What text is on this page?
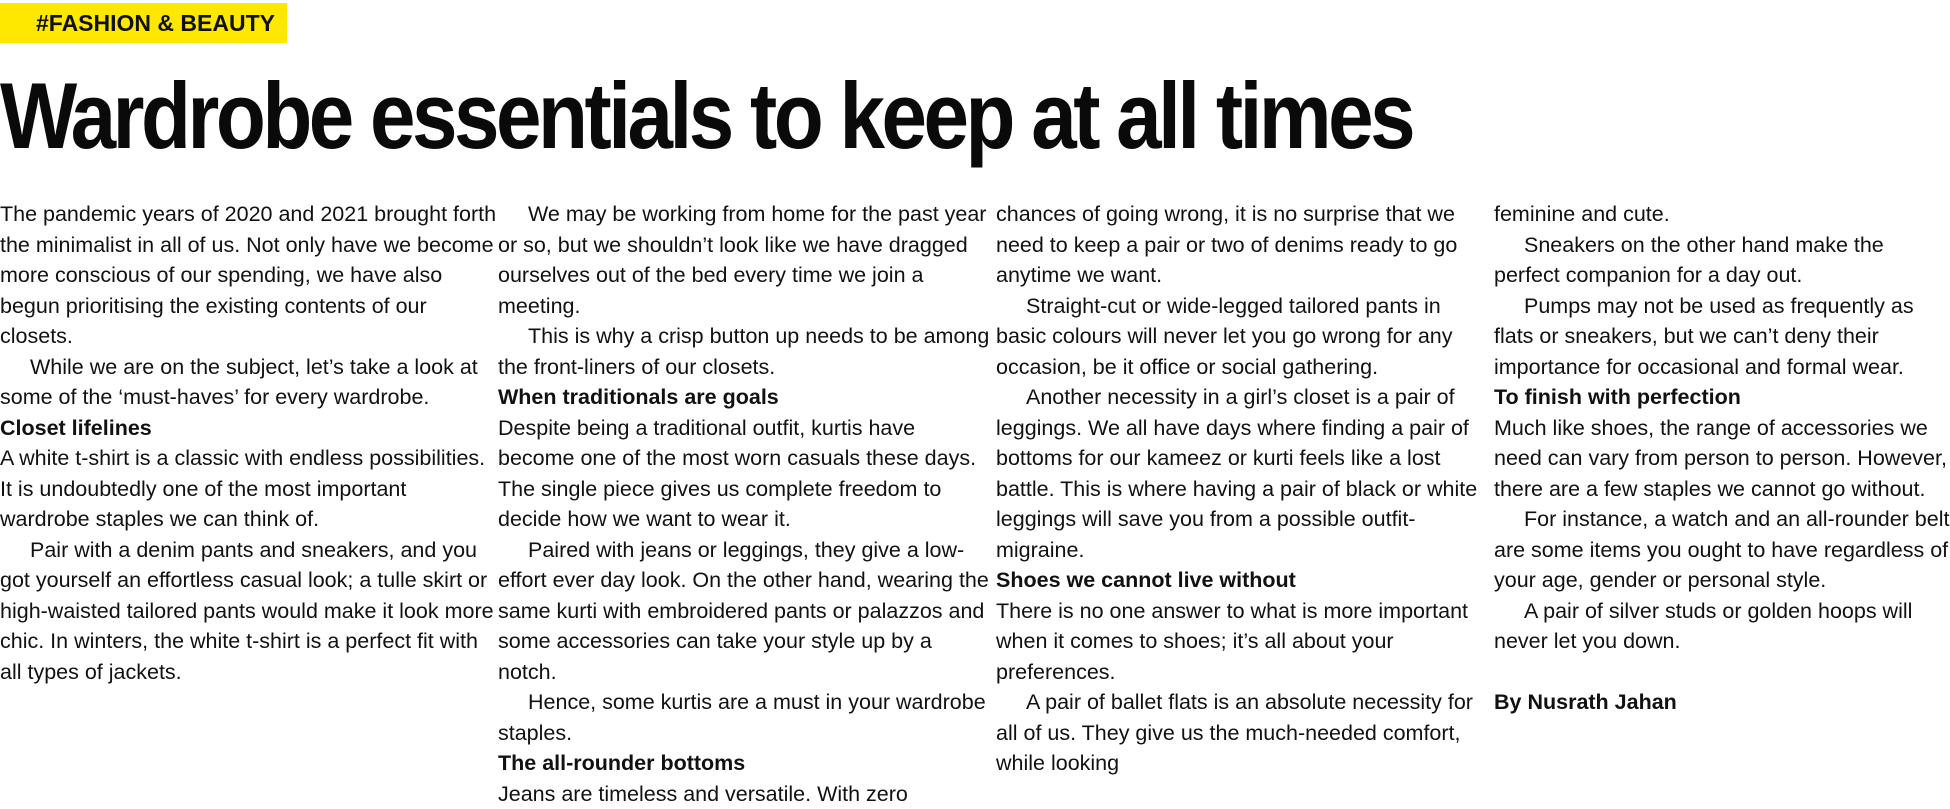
#FASHION & BEAUTY
Wardrobe essentials to keep at all times

The pandemic years of 2020 and 2021 brought forth the minimalist in all of us. Not only have we become more conscious of our spending, we have also begun prioritising the existing contents of our closets.

While we are on the subject, let’s take a look at some of the ‘must-haves’ for every wardrobe.

Closet lifelines

A white t-shirt is a classic with endless possibilities. It is undoubtedly one of the most important wardrobe staples we can think of.

Pair with a denim pants and sneakers, and you got yourself an effortless casual look; a tulle skirt or high-waisted tailored pants would make it look more chic. In winters, the white t-shirt is a perfect fit with all types of jackets.

We may be working from home for the past year or so, but we shouldn’t look like we have dragged ourselves out of the bed every time we join a meeting.

This is why a crisp button up needs to be among the front-liners of our closets.

When traditionals are goals

Despite being a traditional outfit, kurtis have become one of the most worn casuals these days. The single piece gives us complete freedom to decide how we want to wear it.

Paired with jeans or leggings, they give a low-effort ever day look. On the other hand, wearing the same kurti with embroidered pants or palazzos and some accessories can take your style up by a notch.

Hence, some kurtis are a must in your wardrobe staples.

The all-rounder bottoms

Jeans are timeless and versatile. With zero

chances of going wrong, it is no surprise that we need to keep a pair or two of denims ready to go anytime we want.

Straight-cut or wide-legged tailored pants in basic colours will never let you go wrong for any occasion, be it office or social gathering.

Another necessity in a girl’s closet is a pair of leggings. We all have days where finding a pair of bottoms for our kameez or kurti feels like a lost battle. This is where having a pair of black or white leggings will save you from a possible outfit-migraine.

Shoes we cannot live without

There is no one answer to what is more important when it comes to shoes; it’s all about your preferences.

A pair of ballet flats is an absolute necessity for all of us. They give us the much-needed comfort, while looking

feminine and cute.

Sneakers on the other hand make the perfect companion for a day out.

Pumps may not be used as frequently as flats or sneakers, but we can’t deny their importance for occasional and formal wear.

To finish with perfection

Much like shoes, the range of accessories we need can vary from person to person. However, there are a few staples we cannot go without.

For instance, a watch and an all-rounder belt are some items you ought to have regardless of your age, gender or personal style.

A pair of silver studs or golden hoops will never let you down.

By Nusrath Jahan
